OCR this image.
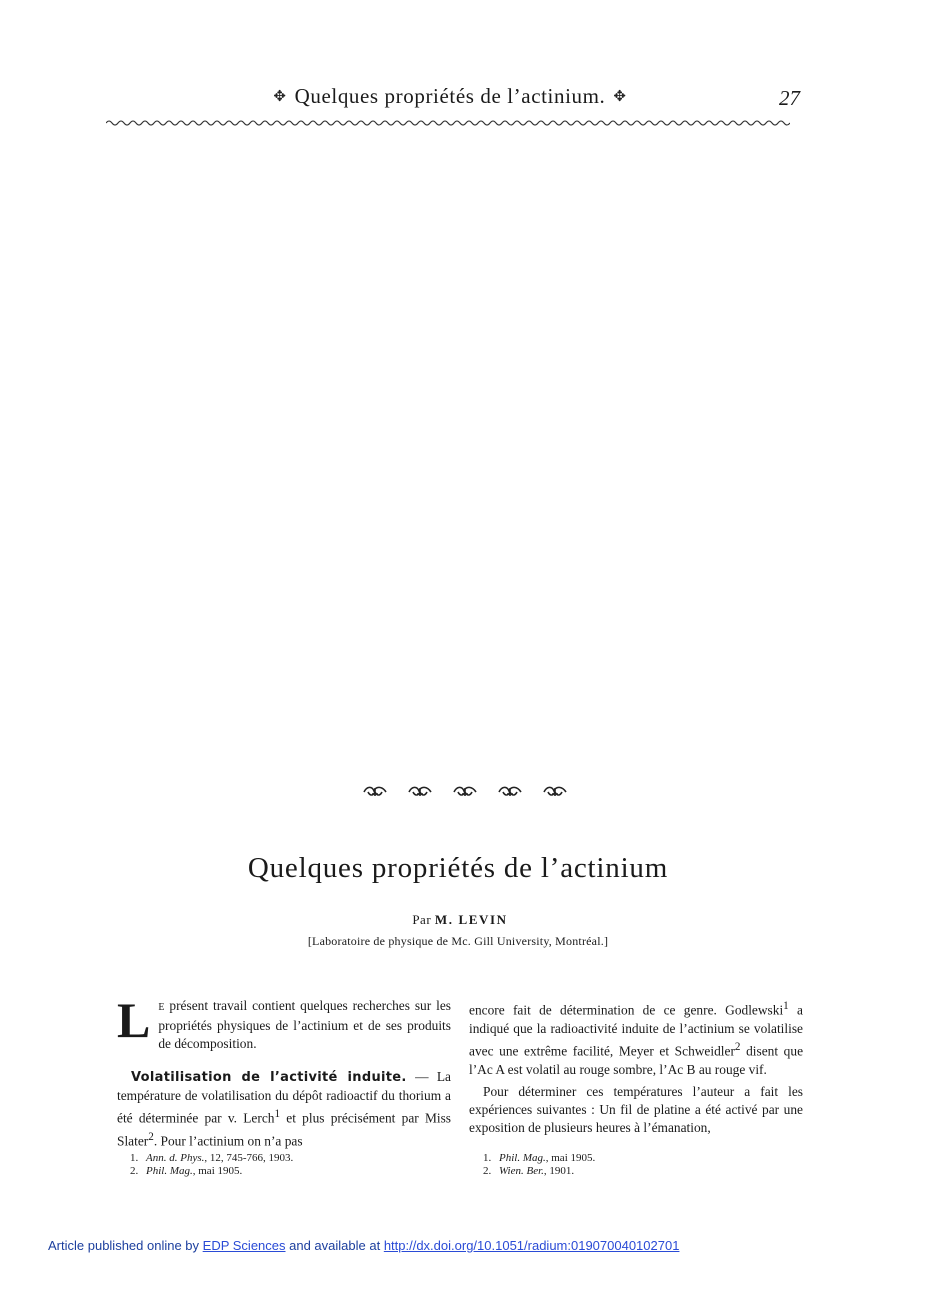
✥ Quelques propriétés de l’actinium. ✥	27

Quelques propriétés de l’actinium
Par M. LEVIN
[Laboratoire de physique de Mc. Gill University, Montréal.]

L E présent travail contient quelques recherches sur les propriétés physiques de l’actinium et de ses produits de décomposition.

Volatilisation de l’activité induite. — La température de volatilisation du dépôt radioactif du thorium a été déterminée par v. Lerch$^1$ et plus précisément par Miss Slater$^2$. Pour l’actinium on n’a pas

encore fait de détermination de ce genre. Godlewski$^1$ a indiqué que la radioactivité induite de l’actinium se volatilise avec une extrême facilité, Meyer et Schweidler$^2$ disent que l’Ac A est volatil au rouge sombre, l’Ac B au rouge vif.

Pour déterminer ces températures l’auteur a fait les expériences suivantes : Un fil de platine a été activé par une exposition de plusieurs heures à l’émanation,

1. Ann. d. Phys., 12, 745-766, 1903.
2. Phil. Mag., mai 1905.
1. Phil. Mag., mai 1905.
2. Wien. Ber., 1901.
Article published online by EDP Sciences and available at http://dx.doi.org/10.1051/radium:019070040102701
